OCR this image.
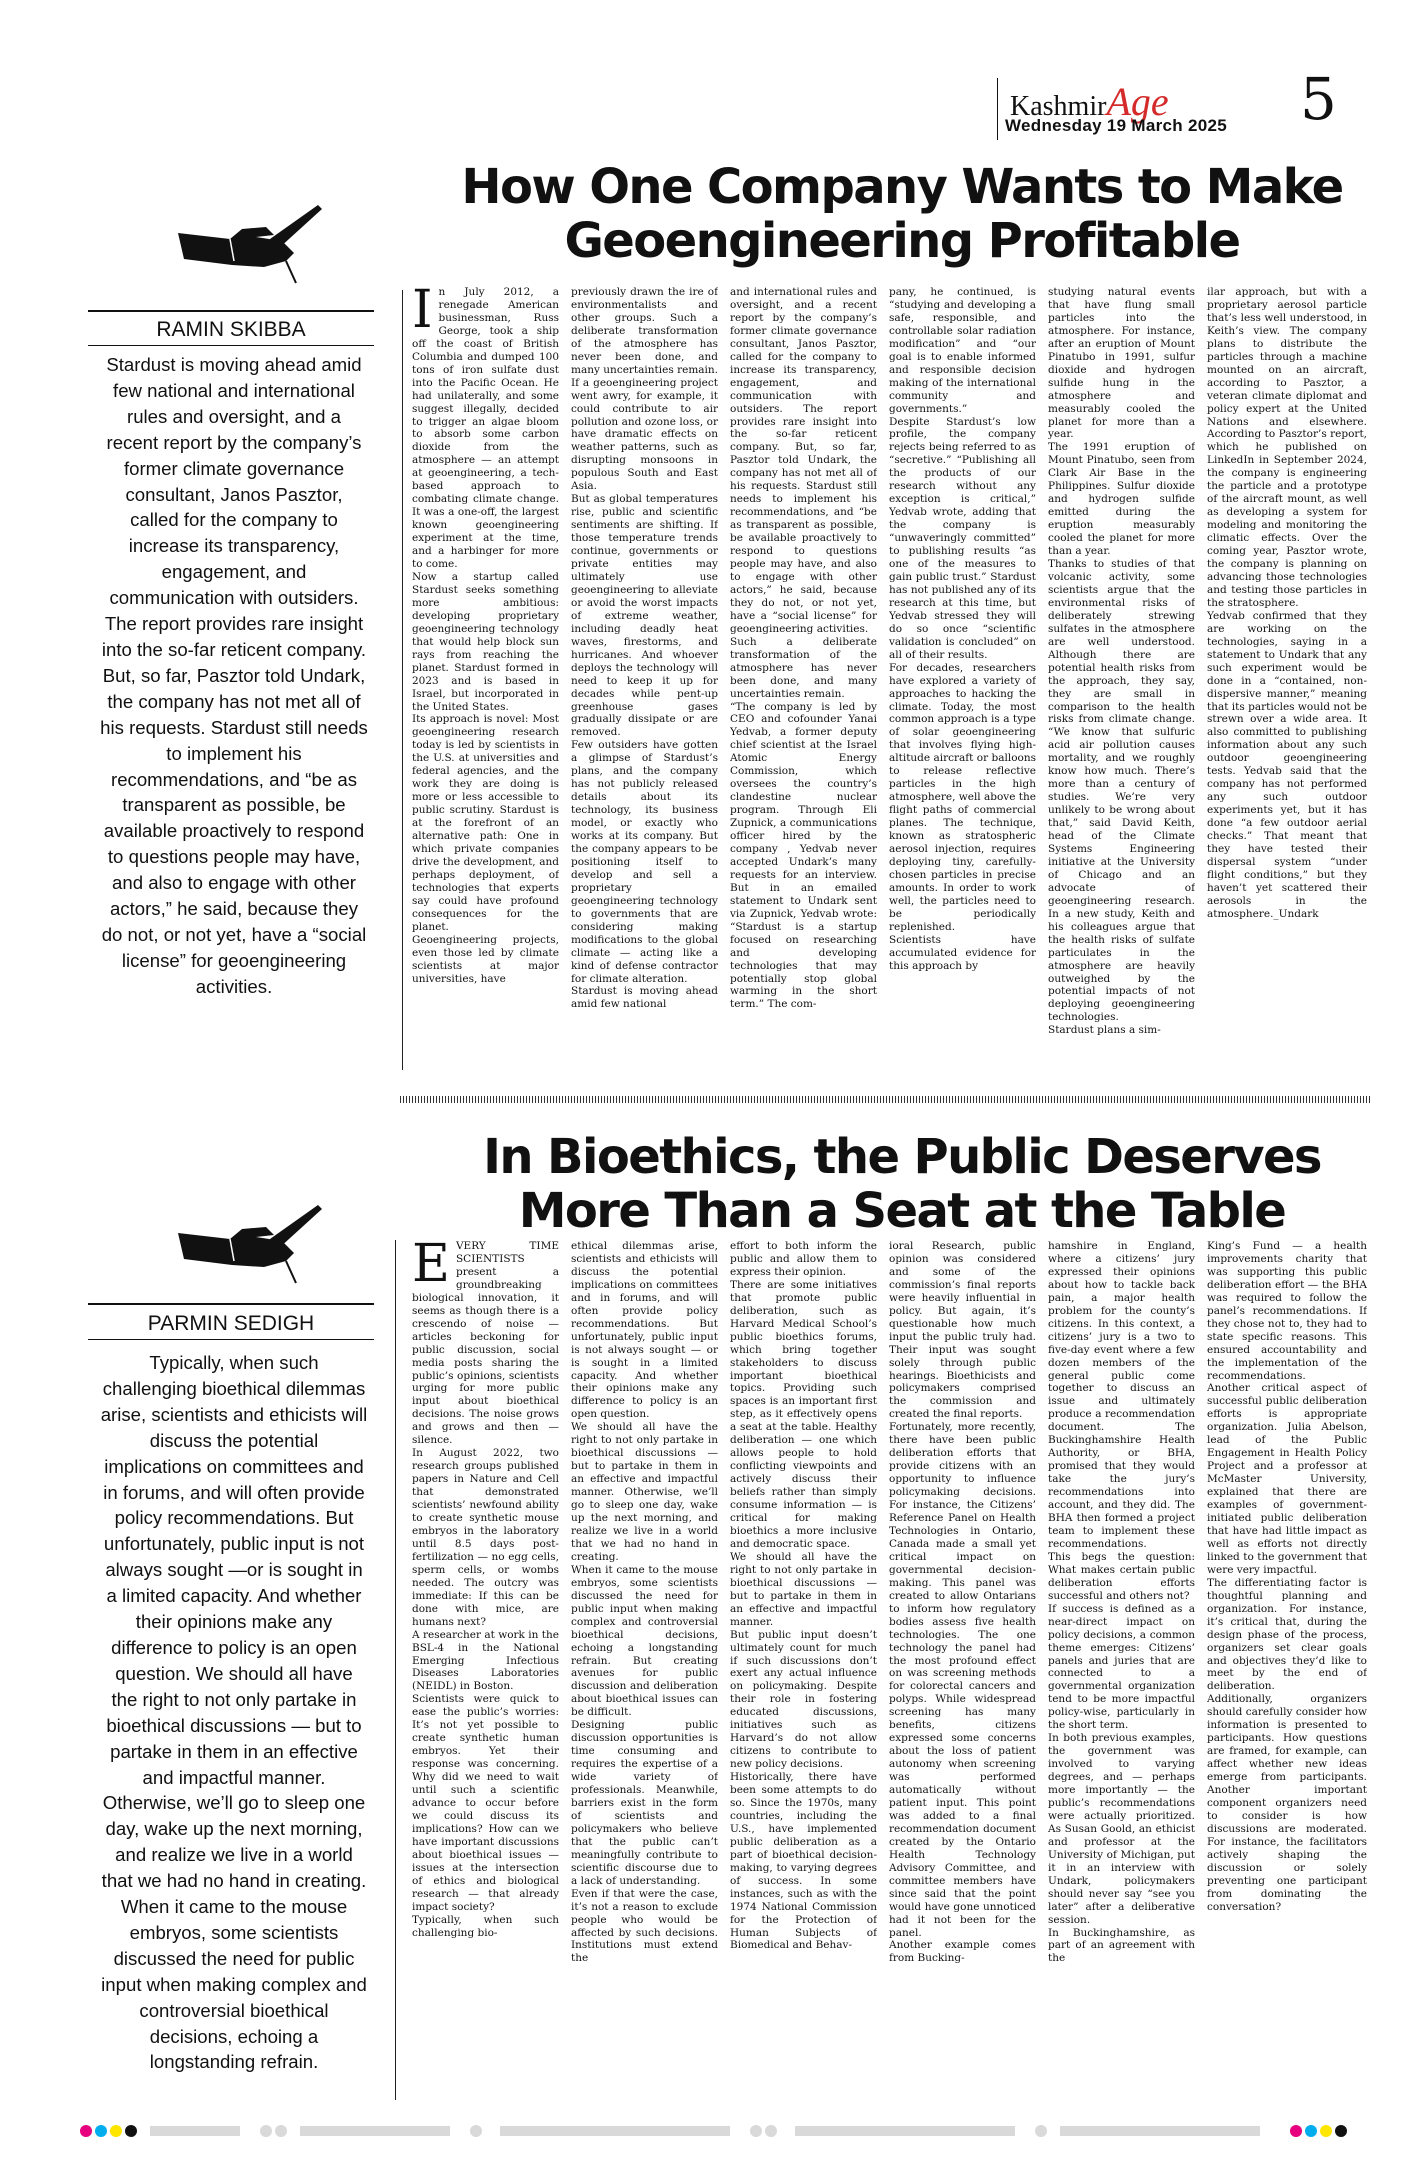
KashmirAge
Wednesday 19 March 2025 5
How One Company Wants to Make
Geoengineering Profitable
RAMIN SKIBBA
Stardust is moving ahead amid few national and international rules and oversight, and a recent report by the company’s former climate governance consultant, Janos Pasztor, called for the company to increase its transparency, engagement, and communication with outsiders. The report provides rare insight into the so-far reticent company. But, so far, Pasztor told Undark, the company has not met all of his requests. Stardust still needs to implement his recommendations, and “be as transparent as possible, be available proactively to respond to questions people may have, and also to engage with other actors,” he said, because they do not, or not yet, have a “social license” for geoengineering activities.
In July 2012, a renegade American businessman, Russ George, took a ship off the coast of British Columbia and dumped 100 tons of iron sulfate dust into the Pacific Ocean. He had unilaterally, and some suggest illegally, decided to trigger an algae bloom to absorb some carbon dioxide from the atmosphere — an attempt at geoengineering, a tech-based approach to combating climate change. It was a one-off, the largest known geoengineering experiment at the time, and a harbinger for more to come.
Now a startup called Stardust seeks something more ambitious: developing proprietary geoengineering technology that would help block sun rays from reaching the planet. Stardust formed in 2023 and is based in Israel, but incorporated in the United States.
Its approach is novel: Most geoengineering research today is led by scientists in the U.S. at universities and federal agencies, and the work they are doing is more or less accessible to public scrutiny. Stardust is at the forefront of an alternative path: One in which private companies drive the development, and perhaps deployment, of technologies that experts say could have profound consequences for the planet.
Geoengineering projects, even those led by climate scientists at major universities, have
previously drawn the ire of environmentalists and other groups. Such a deliberate transformation of the atmosphere has never been done, and many uncertainties remain. If a geoengineering project went awry, for example, it could contribute to air pollution and ozone loss, or have dramatic effects on weather patterns, such as disrupting monsoons in populous South and East Asia.
But as global temperatures rise, public and scientific sentiments are shifting. If those temperature trends continue, governments or private entities may ultimately use geoengineering to alleviate or avoid the worst impacts of extreme weather, including deadly heat waves, firestorms, and hurricanes. And whoever deploys the technology will need to keep it up for decades while pent-up greenhouse gases gradually dissipate or are removed.
Few outsiders have gotten a glimpse of Stardust’s plans, and the company has not publicly released details about its technology, its business model, or exactly who works at its company. But the company appears to be positioning itself to develop and sell a proprietary geoengineering technology to governments that are considering making modifications to the global climate — acting like a kind of defense contractor for climate alteration.
Stardust is moving ahead amid few national
and international rules and oversight, and a recent report by the company’s former climate governance consultant, Janos Pasztor, called for the company to increase its transparency, engagement, and communication with outsiders. The report provides rare insight into the so-far reticent company. But, so far, Pasztor told Undark, the company has not met all of his requests. Stardust still needs to implement his recommendations, and “be as transparent as possible, be available proactively to respond to questions people may have, and also to engage with other actors,” he said, because they do not, or not yet, have a “social license” for geoengineering activities.
Such a deliberate transformation of the atmosphere has never been done, and many uncertainties remain.
“The company is led by CEO and cofounder Yanai Yedvab, a former deputy chief scientist at the Israel Atomic Energy Commission, which oversees the country’s clandestine nuclear program. Through Eli Zupnick, a communications officer hired by the company , Yedvab never accepted Undark’s many requests for an interview. But in an emailed statement to Undark sent via Zupnick, Yedvab wrote: “Stardust is a startup focused on researching and developing technologies that may potentially stop global warming in the short term.” The com-
pany, he continued, is “studying and developing a safe, responsible, and controllable solar radiation modification” and “our goal is to enable informed and responsible decision making of the international community and governments.”
Despite Stardust’s low profile, the company rejects being referred to as “secretive.” “Publishing all the products of our research without any exception is critical,” Yedvab wrote, adding that the company is “unwaveringly committed” to publishing results “as one of the measures to gain public trust.” Stardust has not published any of its research at this time, but Yedvab stressed they will do so once “scientific validation is concluded” on all of their results.
For decades, researchers have explored a variety of approaches to hacking the climate. Today, the most common approach is a type of solar geoengineering that involves flying high-altitude aircraft or balloons to release reflective particles in the high atmosphere, well above the flight paths of commercial planes. The technique, known as stratospheric aerosol injection, requires deploying tiny, carefully-chosen particles in precise amounts. In order to work well, the particles need to be periodically replenished.
Scientists have accumulated evidence for this approach by
studying natural events that have flung small particles into the atmosphere. For instance, after an eruption of Mount Pinatubo in 1991, sulfur dioxide and hydrogen sulfide hung in the atmosphere and measurably cooled the planet for more than a year.
The 1991 eruption of Mount Pinatubo, seen from Clark Air Base in the Philippines. Sulfur dioxide and hydrogen sulfide emitted during the eruption measurably cooled the planet for more than a year.
Thanks to studies of that volcanic activity, some scientists argue that the environmental risks of deliberately strewing sulfates in the atmosphere are well understood. Although there are potential health risks from the approach, they say, they are small in comparison to the health risks from climate change. “We know that sulfuric acid air pollution causes mortality, and we roughly know how much. There’s more than a century of studies. We’re very unlikely to be wrong about that,” said David Keith, head of the Climate Systems Engineering initiative at the University of Chicago and an advocate of geoengineering research. In a new study, Keith and his colleagues argue that the health risks of sulfate particulates in the atmosphere are heavily outweighed by the potential impacts of not deploying geoengineering technologies.
Stardust plans a sim-
ilar approach, but with a proprietary aerosol particle that’s less well understood, in Keith’s view. The company plans to distribute the particles through a machine mounted on an aircraft, according to Pasztor, a veteran climate diplomat and policy expert at the United Nations and elsewhere. According to Pasztor’s report, which he published on LinkedIn in September 2024, the company is engineering the particle and a prototype of the aircraft mount, as well as developing a system for modeling and monitoring the climatic effects. Over the coming year, Pasztor wrote, the company is planning on advancing those technologies and testing those particles in the stratosphere.
Yedvab confirmed that they are working on the technologies, saying in a statement to Undark that any such experiment would be done in a “contained, non-dispersive manner,” meaning that its particles would not be strewn over a wide area. It also committed to publishing information about any such outdoor geoengineering tests. Yedvab said that the company has not performed any such outdoor experiments yet, but it has done “a few outdoor aerial checks.” That meant that they have tested their dispersal system “under flight conditions,” but they haven’t yet scattered their aerosols in the atmosphere._Undark
In Bioethics, the Public Deserves
More Than a Seat at the Table
PARMIN SEDIGH
Typically, when such challenging bioethical dilemmas arise, scientists and ethicists will discuss the potential implications on committees and in forums, and will often provide policy recommendations. But unfortunately, public input is not always sought —or is sought in a limited capacity. And whether their opinions make any difference to policy is an open question. We should all have the right to not only partake in bioethical discussions — but to partake in them in an effective and impactful manner. Otherwise, we’ll go to sleep one day, wake up the next morning, and realize we live in a world that we had no hand in creating. When it came to the mouse embryos, some scientists discussed the need for public input when making complex and controversial bioethical decisions, echoing a longstanding refrain.
EVERY TIME SCIENTISTS present a groundbreaking biological innovation, it seems as though there is a crescendo of noise — articles beckoning for public discussion, social media posts sharing the public’s opinions, scientists urging for more public input about bioethical decisions. The noise grows and grows and then — silence.
In August 2022, two research groups published papers in Nature and Cell that demonstrated scientists’ newfound ability to create synthetic mouse embryos in the laboratory until 8.5 days post-fertilization — no egg cells, sperm cells, or wombs needed. The outcry was immediate: If this can be done with mice, are humans next?
A researcher at work in the BSL-4 in the National Emerging Infectious Diseases Laboratories (NEIDL) in Boston.
Scientists were quick to ease the public’s worries: It’s not yet possible to create synthetic human embryos. Yet their response was concerning. Why did we need to wait until such a scientific advance to occur before we could discuss its implications? How can we have important discussions about bioethical issues — issues at the intersection of ethics and biological research — that already impact society?
Typically, when such challenging bio-
ethical dilemmas arise, scientists and ethicists will discuss the potential implications on committees and in forums, and will often provide policy recommendations. But unfortunately, public input is not always sought — or is sought in a limited capacity. And whether their opinions make any difference to policy is an open question.
We should all have the right to not only partake in bioethical discussions — but to partake in them in an effective and impactful manner. Otherwise, we’ll go to sleep one day, wake up the next morning, and realize we live in a world that we had no hand in creating.
When it came to the mouse embryos, some scientists discussed the need for public input when making complex and controversial bioethical decisions, echoing a longstanding refrain. But creating avenues for public discussion and deliberation about bioethical issues can be difficult.
Designing public discussion opportunities is time consuming and requires the expertise of a wide variety of professionals. Meanwhile, barriers exist in the form of scientists and policymakers who believe that the public can’t meaningfully contribute to scientific discourse due to a lack of understanding.
Even if that were the case, it’s not a reason to exclude people who would be affected by such decisions. Institutions must extend the
effort to both inform the public and allow them to express their opinion.
There are some initiatives that promote public deliberation, such as Harvard Medical School’s public bioethics forums, which bring together stakeholders to discuss important bioethical topics. Providing such spaces is an important first step, as it effectively opens a seat at the table. Healthy deliberation — one which allows people to hold conflicting viewpoints and actively discuss their beliefs rather than simply consume information — is critical for making bioethics a more inclusive and democratic space.
We should all have the right to not only partake in bioethical discussions — but to partake in them in an effective and impactful manner.
But public input doesn’t ultimately count for much if such discussions don’t exert any actual influence on policymaking. Despite their role in fostering educated discussions, initiatives such as Harvard’s do not allow citizens to contribute to new policy decisions.
Historically, there have been some attempts to do so. Since the 1970s, many countries, including the U.S., have implemented public deliberation as a part of bioethical decision-making, to varying degrees of success. In some instances, such as with the 1974 National Commission for the Protection of Human Subjects of Biomedical and Behav-
ioral Research, public opinion was considered and some of the commission’s final reports were heavily influential in policy. But again, it’s questionable how much input the public truly had. Their input was sought solely through public hearings. Bioethicists and policymakers comprised the commission and created the final reports.
Fortunately, more recently, there have been public deliberation efforts that provide citizens with an opportunity to influence policymaking decisions. For instance, the Citizens’ Reference Panel on Health Technologies in Ontario, Canada made a small yet critical impact on governmental decision-making. This panel was created to allow Ontarians to inform how regulatory bodies assess five health technologies. The one technology the panel had the most profound effect on was screening methods for colorectal cancers and polyps. While widespread screening has many benefits, citizens expressed some concerns about the loss of patient autonomy when screening was performed automatically without patient input. This point was added to a final recommendation document created by the Ontario Health Technology Advisory Committee, and committee members have since said that the point would have gone unnoticed had it not been for the panel.
Another example comes from Bucking-
hamshire in England, where a citizens’ jury expressed their opinions about how to tackle back pain, a major health problem for the county’s citizens. In this context, a citizens’ jury is a two to five-day event where a few dozen members of the general public come together to discuss an issue and ultimately produce a recommendation document. The Buckinghamshire Health Authority, or BHA, promised that they would take the jury’s recommendations into account, and they did. The BHA then formed a project team to implement these recommendations.
This begs the question: What makes certain public deliberation efforts successful and others not?
If success is defined as a near-direct impact on policy decisions, a common theme emerges: Citizens’ panels and juries that are connected to a governmental organization tend to be more impactful policy-wise, particularly in the short term.
In both previous examples, the government was involved to varying degrees, and — perhaps more importantly — the public’s recommendations were actually prioritized. As Susan Goold, an ethicist and professor at the University of Michigan, put it in an interview with Undark, policymakers should never say “see you later” after a deliberative session.
In Buckinghamshire, as part of an agreement with the
King’s Fund — a health improvements charity that was supporting this public deliberation effort — the BHA was required to follow the panel’s recommendations. If they chose not to, they had to state specific reasons. This ensured accountability and the implementation of the recommendations.
Another critical aspect of successful public deliberation efforts is appropriate organization. Julia Abelson, lead of the Public Engagement in Health Policy Project and a professor at McMaster University, explained that there are examples of government-initiated public deliberation that have had little impact as well as efforts not directly linked to the government that were very impactful.
The differentiating factor is thoughtful planning and organization. For instance, it’s critical that, during the design phase of the process, organizers set clear goals and objectives they’d like to meet by the end of deliberation.
Additionally, organizers should carefully consider how information is presented to participants. How questions are framed, for example, can affect whether new ideas emerge from participants. Another important component organizers need to consider is how discussions are moderated. For instance, the facilitators actively shaping the discussion or solely preventing one participant from dominating the conversation?
